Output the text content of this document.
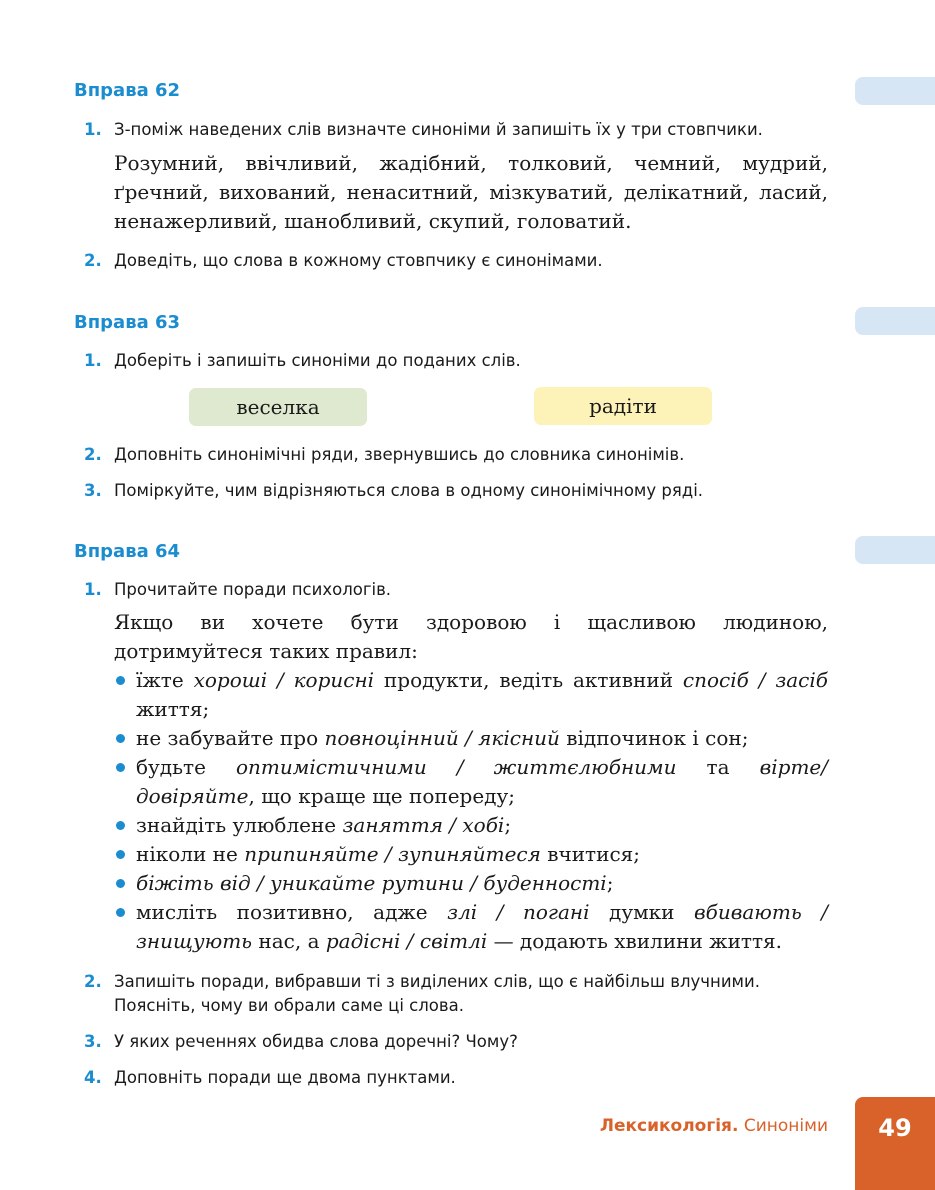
Вправа 62
1. З-поміж наведених слів визначте синоніми й запишіть їх у три стовпчики.

Розумний, ввічливий, жадібний, толковий, чемний, мудрий, ґречний, вихований, ненаситний, мізкуватий, делікатний, ласий, ненажерливий, шанобливий, скупий, головатий.

2. Доведіть, що слова в кожному стовпчику є синонімами.
Вправа 63
1. Доберіть і запишіть синоніми до поданих слів.
веселка	радіти
2. Доповніть синонімічні ряди, звернувшись до словника синонімів.
3. Поміркуйте, чим відрізняються слова в одному синонімічному ряді.
Вправа 64
1. Прочитайте поради психологів.

Якщо ви хочете бути здоровою і щасливою людиною, дотримуйтеся таких правил:

їжте хороші / корисні продукти, ведіть активний спосіб / засіб життя;
не забувайте про повноцінний / якісний відпочинок і сон;
будьте оптимістичними / життєлюбними та вірте/довіряйте, що краще ще попереду;
знайдіть улюблене заняття / хобі;
ніколи не припиняйте / зупиняйтеся вчитися;
біжіть від / уникайте рутини / буденності;
мисліть позитивно, адже злі / погані думки вбивають / знищують нас, а радісні / світлі — додають хвилини життя.
2. Запишіть поради, вибравши ті з виділених слів, що є найбільш влучними. Поясніть, чому ви обрали саме ці слова.
3. У яких реченнях обидва слова доречні? Чому?
4. Доповніть поради ще двома пунктами.
Лексикологія. Синоніми 49
